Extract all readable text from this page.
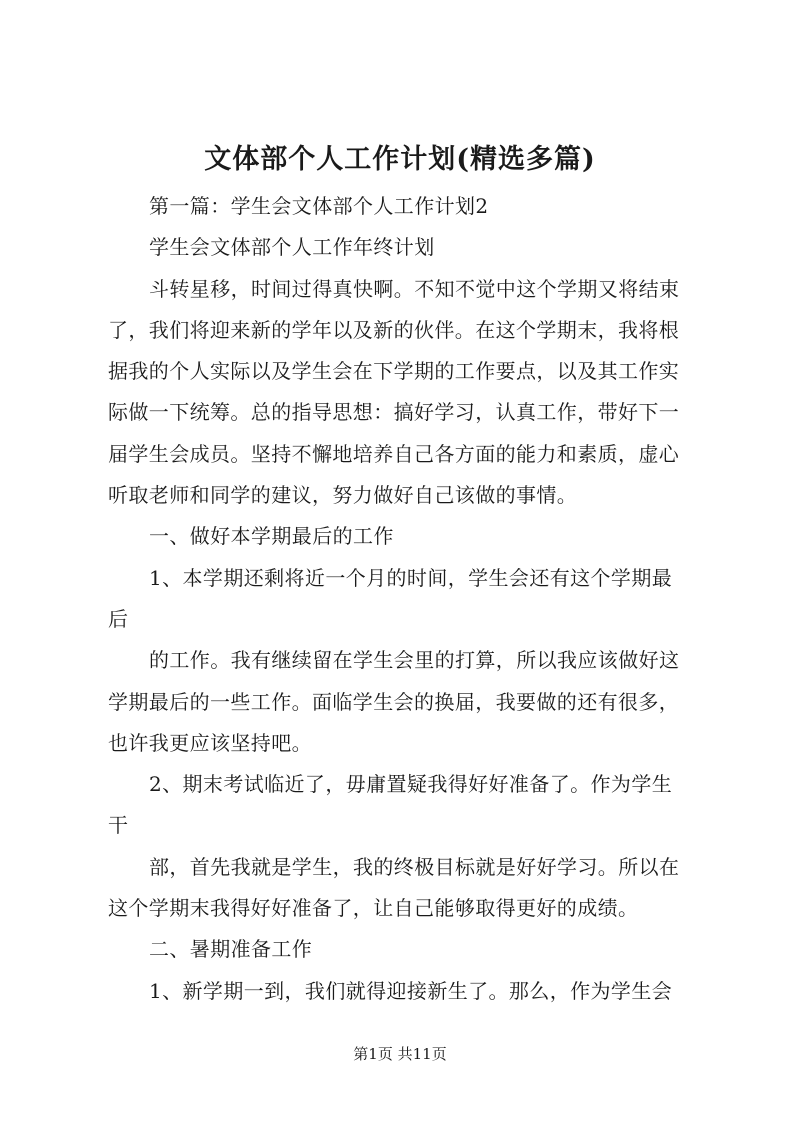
文体部个人工作计划(精选多篇)
第一篇：学生会文体部个人工作计划2
学生会文体部个人工作年终计划
斗转星移，时间过得真快啊。不知不觉中这个学期又将结束
了，我们将迎来新的学年以及新的伙伴。在这个学期末，我将根
据我的个人实际以及学生会在下学期的工作要点，以及其工作实
际做一下统筹。总的指导思想：搞好学习，认真工作，带好下一
届学生会成员。坚持不懈地培养自己各方面的能力和素质，虚心
听取老师和同学的建议，努力做好自己该做的事情。
一、做好本学期最后的工作
1、本学期还剩将近一个月的时间，学生会还有这个学期最
后
的工作。我有继续留在学生会里的打算，所以我应该做好这
学期最后的一些工作。面临学生会的换届，我要做的还有很多，
也许我更应该坚持吧。
2、期末考试临近了，毋庸置疑我得好好准备了。作为学生
干
部，首先我就是学生，我的终极目标就是好好学习。所以在
这个学期末我得好好准备了，让自己能够取得更好的成绩。
二、暑期准备工作
1、新学期一到，我们就得迎接新生了。那么，作为学生会
第1页 共11页
